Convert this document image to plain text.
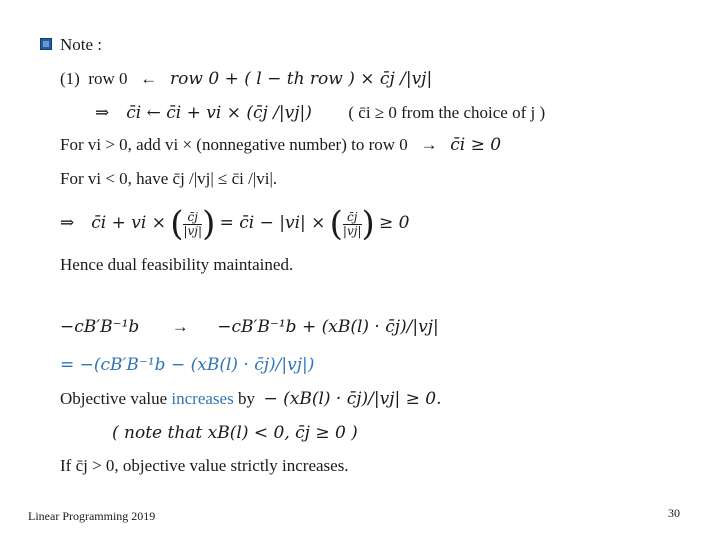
Note :
(1) row 0 ← row 0 + ( l − th row ) × c̄j /|vj|
⇒ c̄i ← c̄i + vi × (c̄j /|vj|) ( c̄i ≥ 0 from the choice of j )
For vi > 0, add vi × (nonnegative number) to row 0 → c̄i ≥ 0
For vi < 0, have c̄j /|vj| ≤ c̄i /|vi|.
⇒ c̄i + vi × ( $\frac{c̄j}{|vj|}$ ) = c̄i − |vi| × ( $\frac{c̄j}{|vj|}$ ) ≥ 0
Hence dual feasibility maintained.
−cB′B⁻¹b → −cB′B⁻¹b + (xB(l) · c̄j)/|vj|
= −(cB′B⁻¹b − (xB(l) · c̄j)/|vj|)
Objective value increases by − (xB(l) · c̄j)/|vj| ≥ 0.
( note that xB(l) < 0, c̄j ≥ 0 )
If c̄j > 0, objective value strictly increases.
Linear Programming 2019	30
